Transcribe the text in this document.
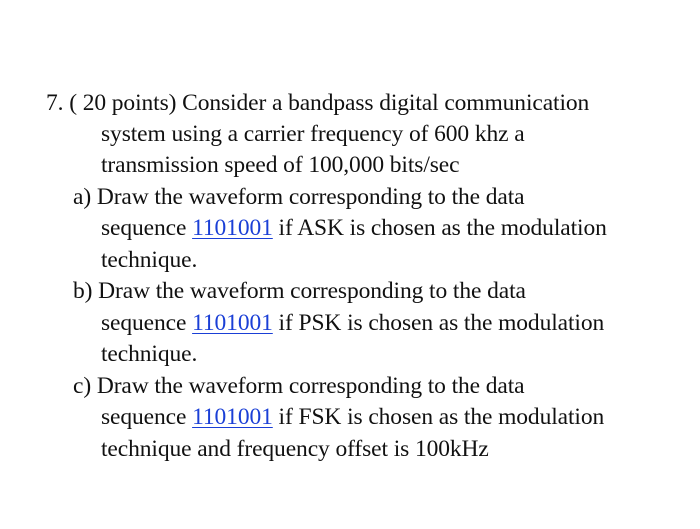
7. ( 20 points) Consider a bandpass digital communication
system using a carrier frequency of 600 khz a
transmission speed of 100,000 bits/sec
a) Draw the waveform corresponding to the data
sequence 1101001 if ASK is chosen as the modulation
technique.
b) Draw the waveform corresponding to the data
sequence 1101001 if PSK is chosen as the modulation
technique.
c) Draw the waveform corresponding to the data
sequence 1101001 if FSK is chosen as the modulation
technique and frequency offset is 100kHz
